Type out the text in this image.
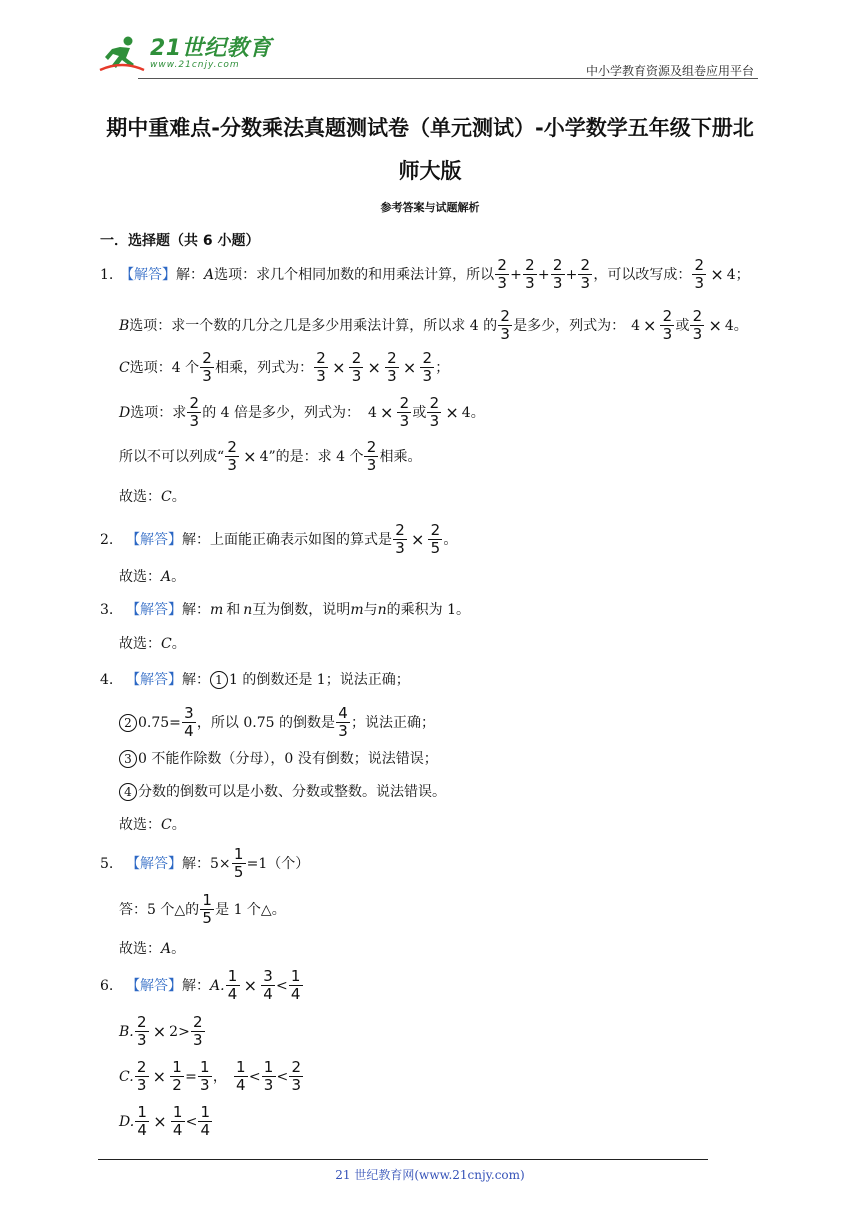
21世纪教育
www.21cnjy.com	中小学教育资源及组卷应用平台
期中重难点-分数乘法真题测试卷（单元测试）-小学数学五年级下册北
师大版
参考答案与试题解析
一．选择题（共 6 小题）
1. 【解答】 解： A 选项：求几个相同加数的和用乘法计算，所以 $\frac{2}{3} + \frac{2}{3} + \frac{2}{3} + \frac{2}{3}$ ，可以改写成： $\frac{2}{3} \times 4$ ；
B 选项：求一个数的几分之几是多少用乘法计算，所以求 4 的 $\frac{2}{3}$ 是多少，列式为： $4 \times \frac{2}{3}$ 或 $\frac{2}{3} \times 4$ 。
C 选项：4 个 $\frac{2}{3}$ 相乘，列式为： $\frac{2}{3} \times \frac{2}{3} \times \frac{2}{3} \times \frac{2}{3}$ ；
D 选项：求 $\frac{2}{3}$ 的 4 倍是多少，列式为： $4 \times \frac{2}{3}$ 或 $\frac{2}{3} \times 4$ 。
所以不可以列成“ $\frac{2}{3} \times 4$ ”的是：求 4 个 $\frac{2}{3}$ 相乘。
故选： C 。
2. 【解答】 解： 上面能正确表示如图的算式是 $\frac{2}{3} \times \frac{2}{5}$ 。
故选： A 。
3. 【解答】 解： m 和 n 互为倒数，说明 m 与 n 的乘积为 1。
故选： C 。
4. 【解答】 解： 1 1 的倒数还是 1；说法正确；
2 $0.75= \frac{3}{4}$ ，所以 0.75 的倒数是 $\frac{4}{3}$ ；说法正确；
3 0 不能作除数（分母），0 没有倒数；说法错误；
4 分数的倒数可以是小数、分数或整数。说法错误。
故选： C 。
5. 【解答】 解： $5\times \frac{1}{5} =1$（个）
答：5 个△的 $\frac{1}{5}$ 是 1 个△。
故选： A 。
6. 【解答】 解： A. $\frac{1}{4} \times \frac{3}{4} < \frac{1}{4}$
B. $\frac{2}{3} \times 2 > \frac{2}{3}$
C. $\frac{2}{3} \times \frac{1}{2} = \frac{1}{3}$ ， $\frac{1}{4} < \frac{1}{3} < \frac{2}{3}$
D. $\frac{1}{4} \times \frac{1}{4} < \frac{1}{4}$
21 世纪教育网(www.21cnjy.com)
